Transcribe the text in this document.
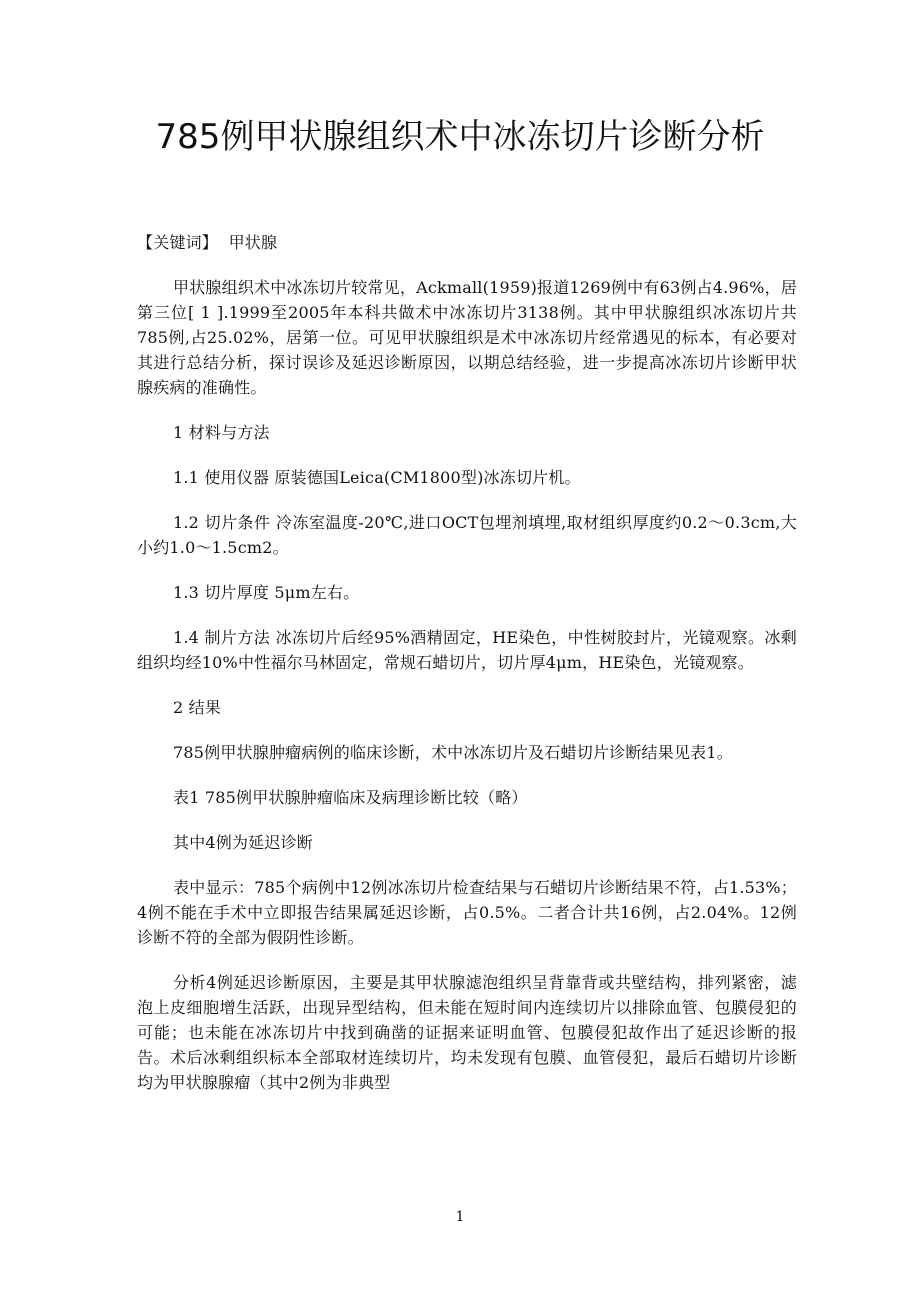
785例甲状腺组织术中冰冻切片诊断分析

【关键词】 甲状腺

甲状腺组织术中冰冻切片较常见，Ackmall(1959)报道1269例中有63例占4.96%，居第三位[ 1 ].1999至2005年本科共做术中冰冻切片3138例。其中甲状腺组织冰冻切片共785例,占25.02%，居第一位。可见甲状腺组织是术中冰冻切片经常遇见的标本，有必要对其进行总结分析，探讨误诊及延迟诊断原因，以期总结经验，进一步提高冰冻切片诊断甲状腺疾病的准确性。

1 材料与方法

1.1 使用仪器 原装德国Leica(CM1800型)冰冻切片机。

1.2 切片条件 冷冻室温度-20℃,进口OCT包埋剂填埋,取材组织厚度约0.2～0.3cm,大小约1.0～1.5cm2。

1.3 切片厚度 5μm左右。

1.4 制片方法 冰冻切片后经95%酒精固定，HE染色，中性树胶封片，光镜观察。冰剩组织均经10%中性福尔马林固定，常规石蜡切片，切片厚4μm，HE染色，光镜观察。

2 结果

785例甲状腺肿瘤病例的临床诊断，术中冰冻切片及石蜡切片诊断结果见表1。

表1 785例甲状腺肿瘤临床及病理诊断比较（略）

其中4例为延迟诊断

表中显示：785个病例中12例冰冻切片检查结果与石蜡切片诊断结果不符，占1.53%；4例不能在手术中立即报告结果属延迟诊断，占0.5%。二者合计共16例，占2.04%。12例诊断不符的全部为假阴性诊断。

分析4例延迟诊断原因，主要是其甲状腺滤泡组织呈背靠背或共壁结构，排列紧密，滤泡上皮细胞增生活跃，出现异型结构，但未能在短时间内连续切片以排除血管、包膜侵犯的可能；也未能在冰冻切片中找到确凿的证据来证明血管、包膜侵犯故作出了延迟诊断的报告。术后冰剩组织标本全部取材连续切片，均未发现有包膜、血管侵犯，最后石蜡切片诊断均为甲状腺腺瘤（其中2例为非典型

1
